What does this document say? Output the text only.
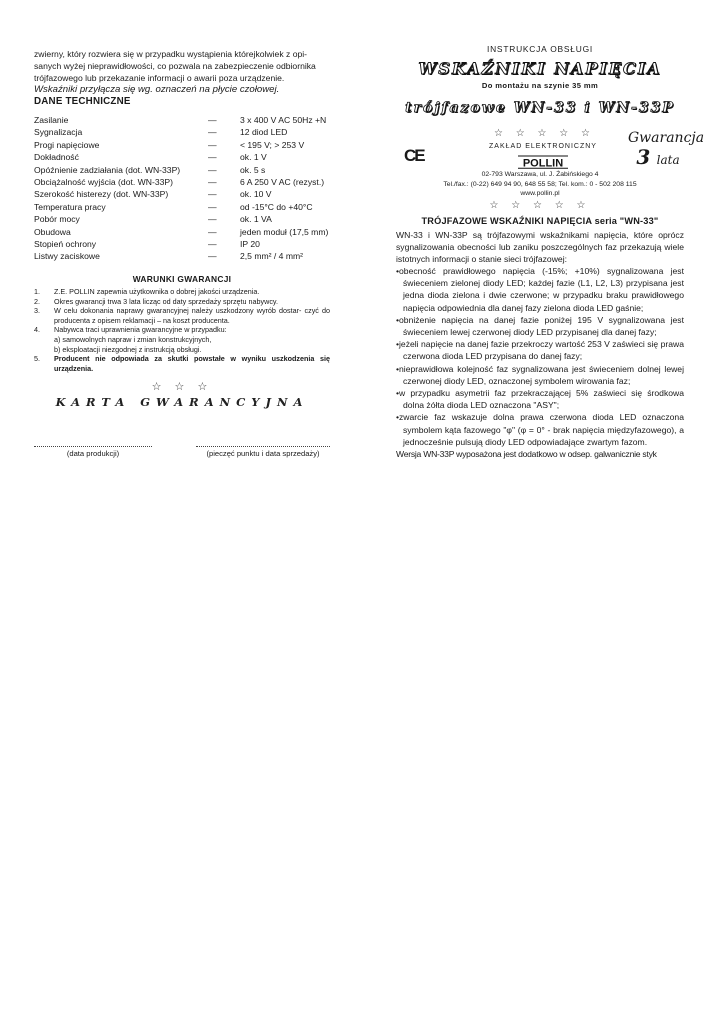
zwierny, który rozwiera się w przypadku wystąpienia którejkolwiek z opi-

sanych wyżej nieprawidłowości, co pozwala na zabezpieczenie odbiornika

trójfazowego lub przekazanie informacji o awarii poza urządzenie.

Wskaźniki przyłącza się wg. oznaczeń na płycie czołowej.

DANE TECHNICZNE

Zasilanie	—	3 x 400 V AC 50Hz +N
Sygnalizacja	—	12 diod LED
Progi napięciowe	—	< 195 V; > 253 V
Dokładność	—	ok. 1 V
Opóźnienie zadziałania (dot. WN-33P)	—	ok. 5 s
Obciążalność wyjścia (dot. WN-33P)	—	6 A 250 V AC (rezyst.)
Szerokość histerezy (dot. WN-33P)	—	ok. 10 V
Temperatura pracy	—	od -15°C do +40°C
Pobór mocy	—	ok. 1 VA
Obudowa	—	jeden moduł (17,5 mm)
Stopień ochrony	—	IP 20
Listwy zaciskowe	—	2,5 mm² / 4 mm²
WARUNKI GWARANCJI
1.	Z.E. POLLIN zapewnia użytkownika o dobrej jakości urządzenia.
2.	Okres gwarancji trwa 3 lata licząc od daty sprzedaży sprzętu nabywcy.
3.	W celu dokonania naprawy gwarancyjnej należy uszkodzony wyrób dostar- czyć do producenta z opisem reklamacji – na koszt producenta.
4.	Nabywca traci uprawnienia gwarancyjne w przypadku:
a) samowolnych napraw i zmian konstrukcyjnych,
b) eksploatacji niezgodnej z instrukcją obsługi.
5.	Producent nie odpowiada za skutki powstałe w wyniku uszkodzenia się urządzenia.
☆ ☆ ☆
KARTA GWARANCYJNA
(data produkcji)	(pieczęć punktu i data sprzedaży)
INSTRUKCJA OBSŁUGI
WSKAŹNIKI NAPIĘCIA
Do montażu na szynie 35 mm
trójfazowe WN-33 i WN-33P
CE
☆ ☆ ☆ ☆ ☆
ZAKŁAD ELEKTRONICZNY
POLLIN
Gwarancja
3 lata
02-793 Warszawa, ul. J. Żabińskiego 4
Tel./fax.: (0-22) 649 94 90, 648 55 58; Tel. kom.: 0 - 502 208 115
www.pollin.pl
☆ ☆ ☆ ☆ ☆
TRÓJFAZOWE WSKAŹNIKI NAPIĘCIA seria "WN-33"

WN-33 i WN-33P są trójfazowymi wskaźnikami napięcia, które oprócz sygnalizowania obecności lub zaniku poszczególnych faz przekazują wiele istotnych informacji o stanie sieci trójfazowej:

•obecność prawidłowego napięcia (-15%; +10%) sygnalizowana jest świeceniem zielonej diody LED; każdej fazie (L1, L2, L3) przypisana jest jedna dioda zielona i dwie czerwone; w przypadku braku prawidłowego napięcia odpowiednia dla danej fazy zielona dioda LED gaśnie;

•obniżenie napięcia na danej fazie poniżej 195 V sygnalizowana jest świeceniem lewej czerwonej diody LED przypisanej dla danej fazy;

•jeżeli napięcie na danej fazie przekroczy wartość 253 V zaświeci się prawa czerwona dioda LED przypisana do danej fazy;

•nieprawidłowa kolejność faz sygnalizowana jest świeceniem dolnej lewej czerwonej diody LED, oznaczonej symbolem wirowania faz;

•w przypadku asymetrii faz przekraczającej 5% zaświeci się środkowa dolna żółta dioda LED oznaczona "ASY";

•zwarcie faz wskazuje dolna prawa czerwona dioda LED oznaczona symbolem kąta fazowego "φ" (φ = 0° - brak napięcia międzyfazowego), a jednocześnie pulsują diody LED odpowiadające zwartym fazom.

Wersja WN-33P wyposażona jest dodatkowo w odsep. galwanicznie styk
